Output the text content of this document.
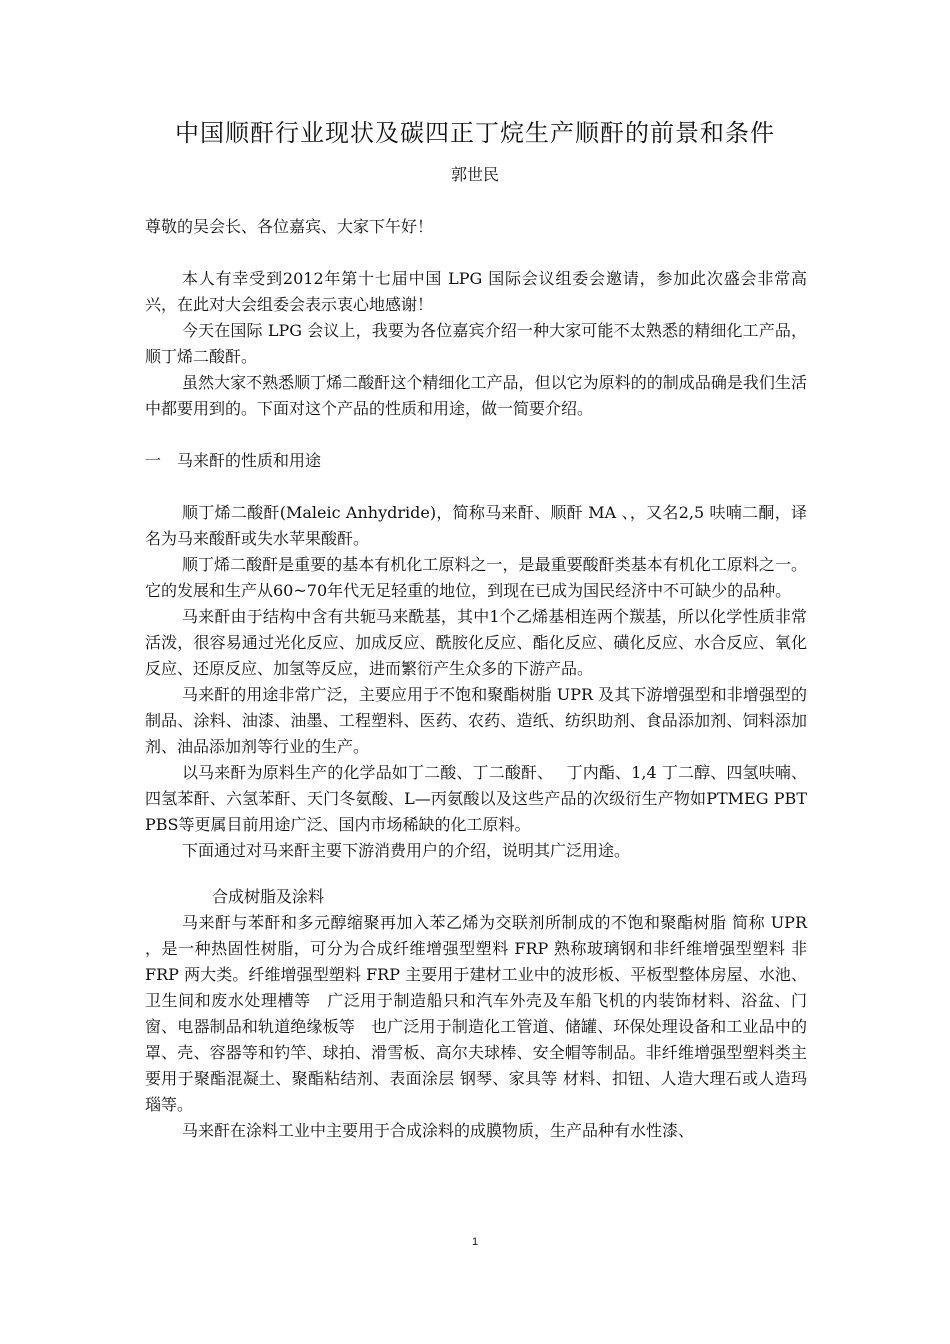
中国顺酐行业现状及碳四正丁烷生产顺酐的前景和条件
郭世民

尊敬的吴会长、各位嘉宾、大家下午好！

本人有幸受到2012年第十七届中国 LPG 国际会议组委会邀请，参加此次盛会非常高兴，在此对大会组委会表示衷心地感谢！

今天在国际 LPG 会议上，我要为各位嘉宾介绍一种大家可能不太熟悉的精细化工产品，顺丁烯二酸酐。

虽然大家不熟悉顺丁烯二酸酐这个精细化工产品，但以它为原料的的制成品确是我们生活中都要用到的。下面对这个产品的性质和用途，做一简要介绍。

一　马来酐的性质和用途

顺丁烯二酸酐(Maleic Anhydride)，简称马来酐、顺酐 MA 、，又名2,5 呋喃二酮，译名为马来酸酐或失水苹果酸酐。

顺丁烯二酸酐是重要的基本有机化工原料之一，是最重要酸酐类基本有机化工原料之一。它的发展和生产从60~70年代无足轻重的地位，到现在已成为国民经济中不可缺少的品种。

马来酐由于结构中含有共轭马来酰基，其中1个乙烯基相连两个羰基，所以化学性质非常活泼，很容易通过光化反应、加成反应、酰胺化反应、酯化反应、磺化反应、水合反应、氧化反应、还原反应、加氢等反应，进而繁衍产生众多的下游产品。

马来酐的用途非常广泛，主要应用于不饱和聚酯树脂 UPR 及其下游增强型和非增强型的制品、涂料、油漆、油墨、工程塑料、医药、农药、造纸、纺织助剂、食品添加剂、饲料添加剂、油品添加剂等行业的生产。

以马来酐为原料生产的化学品如丁二酸、丁二酸酐、　 丁内酯、1,4 丁二醇、四氢呋喃、四氢苯酐、六氢苯酐、天门冬氨酸、L—丙氨酸以及这些产品的次级衍生产物如PTMEG PBT PBS等更属目前用途广泛、国内市场稀缺的化工原料。

下面通过对马来酐主要下游消费用户的介绍，说明其广泛用途。

合成树脂及涂料

马来酐与苯酐和多元醇缩聚再加入苯乙烯为交联剂所制成的不饱和聚酯树脂 简称 UPR ，是一种热固性树脂，可分为合成纤维增强型塑料 FRP 熟称玻璃钢和非纤维增强型塑料 非 FRP 两大类。纤维增强型塑料 FRP 主要用于建材工业中的波形板、平板型整体房屋、水池、卫生间和废水处理槽等　广泛用于制造船只和汽车外壳及车船飞机的内装饰材料、浴盆、门窗、电器制品和轨道绝缘板等　也广泛用于制造化工管道、储罐、环保处理设备和工业品中的罩、壳、容器等和钓竿、球拍、滑雪板、高尔夫球棒、安全帽等制品。非纤维增强型塑料类主要用于聚酯混凝土、聚酯粘结剂、表面涂层 钢琴、家具等 材料、扣钮、人造大理石或人造玛瑙等。

马来酐在涂料工业中主要用于合成涂料的成膜物质，生产品种有水性漆、

1
